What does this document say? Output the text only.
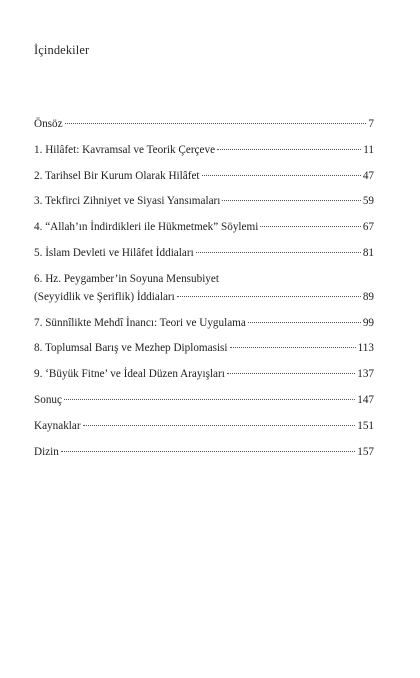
İçindekiler
Önsöz	7
1. Hilâfet: Kavramsal ve Teorik Çerçeve	11
2. Tarihsel Bir Kurum Olarak Hilâfet	47
3. Tekfirci Zihniyet ve Siyasi Yansımaları	59
4. “Allah’ın İndirdikleri ile Hükmetmek” Söylemi	67
5. İslam Devleti ve Hilâfet İddiaları	81
6. Hz. Peygamber’in Soyuna Mensubiyet
(Seyyidlik ve Şeriflik) İddiaları	89
7. Sünnîlikte Mehdî İnancı: Teori ve Uygulama	99
8. Toplumsal Barış ve Mezhep Diplomasisi	113
9. ‘Büyük Fitne’ ve İdeal Düzen Arayışları	137
Sonuç	147
Kaynaklar	151
Dizin	157
